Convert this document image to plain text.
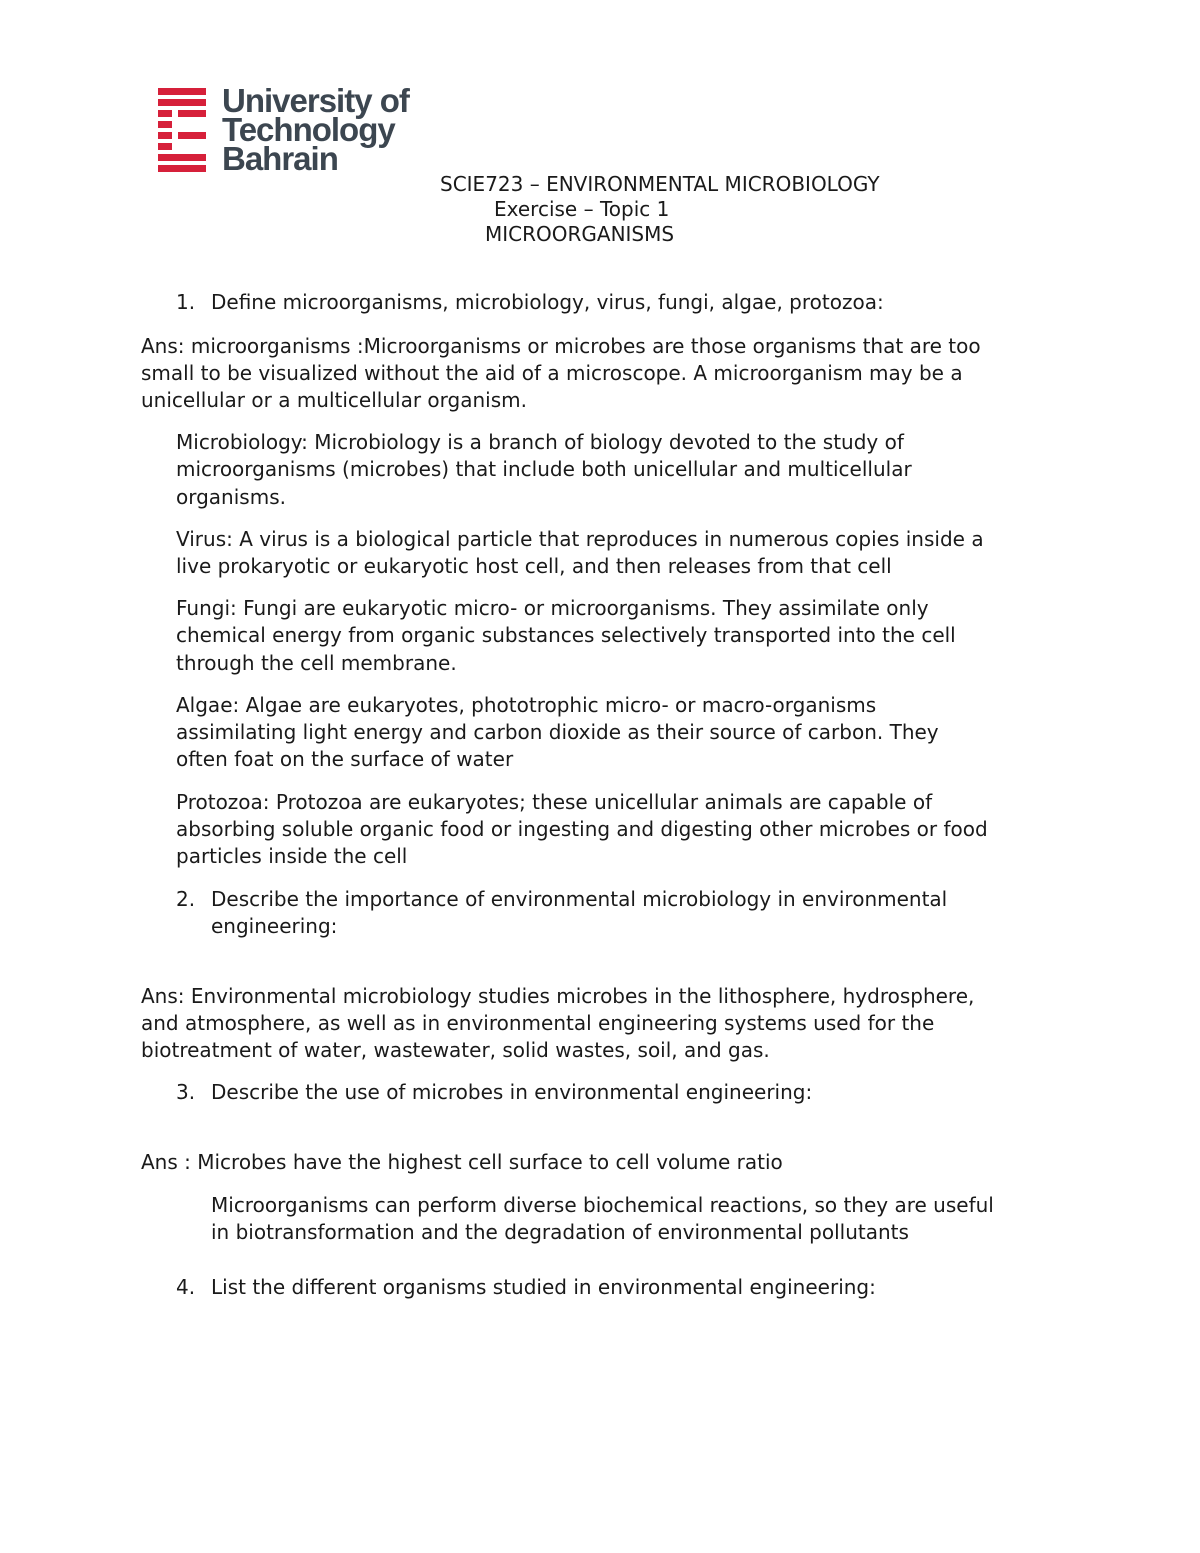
University of
Technology
Bahrain
SCIE723 – ENVIRONMENTAL MICROBIOLOGY
Exercise – Topic 1
MICROORGANISMS
1. Define microorganisms, microbiology, virus, fungi, algae, protozoa:
Ans: microorganisms :Microorganisms or microbes are those organisms that are too
small to be visualized without the aid of a microscope. A microorganism may be a
unicellular or a multicellular organism.
Microbiology: Microbiology is a branch of biology devoted to the study of
microorganisms (microbes) that include both unicellular and multicellular
organisms.
Virus: A virus is a biological particle that reproduces in numerous copies inside a
live prokaryotic or eukaryotic host cell, and then releases from that cell
Fungi: Fungi are eukaryotic micro- or microorganisms. They assimilate only
chemical energy from organic substances selectively transported into the cell
through the cell membrane.
Algae: Algae are eukaryotes, phototrophic micro- or macro-organisms
assimilating light energy and carbon dioxide as their source of carbon. They
often foat on the surface of water
Protozoa: Protozoa are eukaryotes; these unicellular animals are capable of
absorbing soluble organic food or ingesting and digesting other microbes or food
particles inside the cell
2. Describe the importance of environmental microbiology in environmental
engineering:
Ans: Environmental microbiology studies microbes in the lithosphere, hydrosphere,
and atmosphere, as well as in environmental engineering systems used for the
biotreatment of water, wastewater, solid wastes, soil, and gas.
3. Describe the use of microbes in environmental engineering:
Ans : Microbes have the highest cell surface to cell volume ratio
Microorganisms can perform diverse biochemical reactions, so they are useful
in biotransformation and the degradation of environmental pollutants
4. List the different organisms studied in environmental engineering:
